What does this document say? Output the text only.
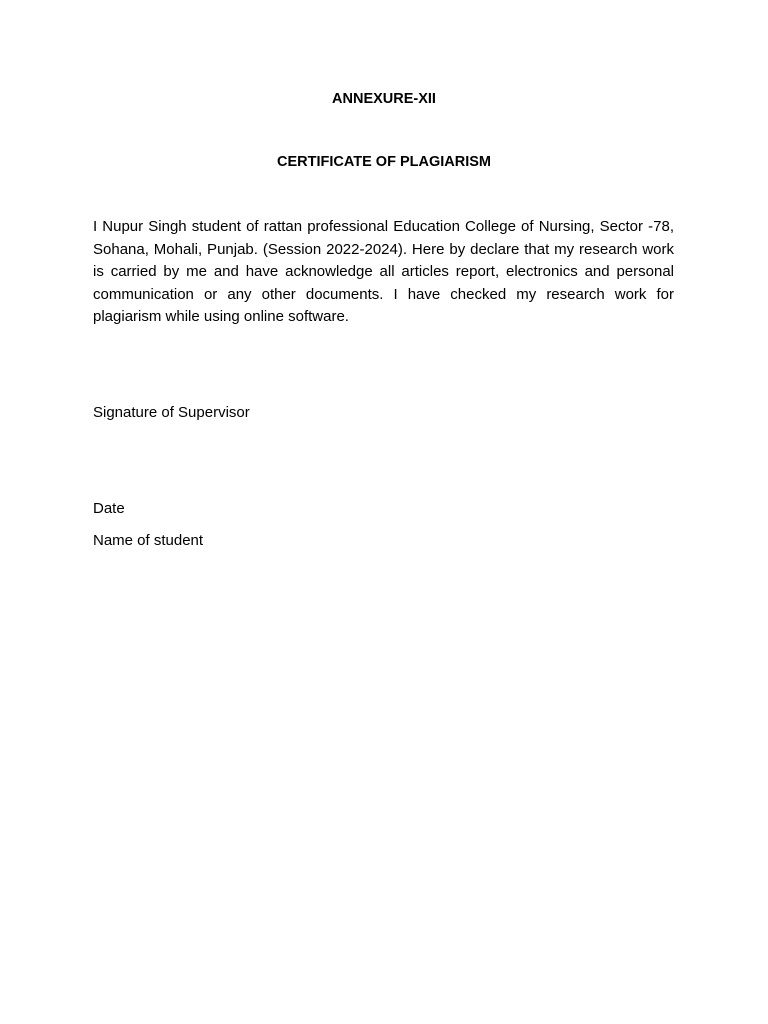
ANNEXURE-XII
CERTIFICATE OF PLAGIARISM

I Nupur Singh student of rattan professional Education College of Nursing, Sector -78, Sohana, Mohali, Punjab. (Session 2022-2024). Here by declare that my research work is carried by me and have acknowledge all articles report, electronics and personal communication or any other documents. I have checked my research work for plagiarism while using online software.

Signature of Supervisor
Date
Name of student
